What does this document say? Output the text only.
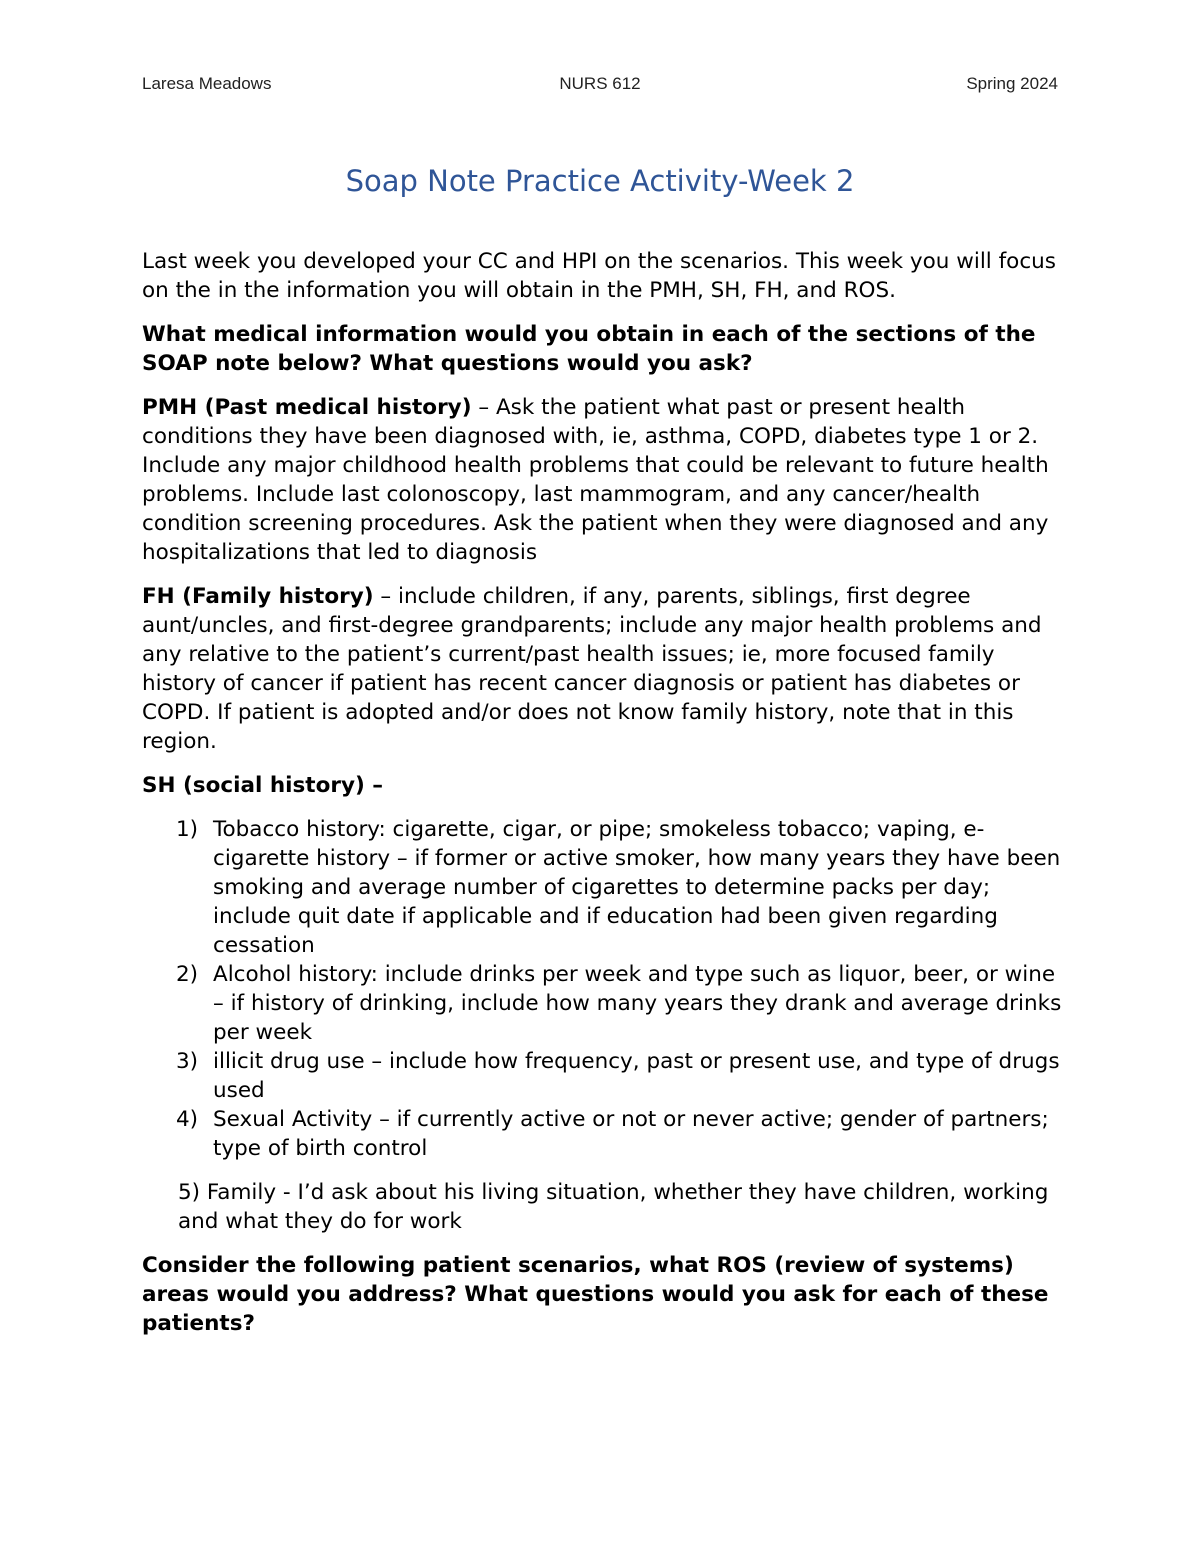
Laresa Meadows	NURS 612	Spring 2024
Soap Note Practice Activity-Week 2

Last week you developed your CC and HPI on the scenarios. This week you will focus on the in the information you will obtain in the PMH, SH, FH, and ROS.

What medical information would you obtain in each of the sections of the SOAP note below? What questions would you ask?

PMH (Past medical history) – Ask the patient what past or present health conditions they have been diagnosed with, ie, asthma, COPD, diabetes type 1 or 2. Include any major childhood health problems that could be relevant to future health problems. Include last colonoscopy, last mammogram, and any cancer/health condition screening procedures. Ask the patient when they were diagnosed and any hospitalizations that led to diagnosis

FH (Family history) – include children, if any, parents, siblings, first degree aunt/uncles, and first-degree grandparents; include any major health problems and any relative to the patient’s current/past health issues; ie, more focused family history of cancer if patient has recent cancer diagnosis or patient has diabetes or COPD. If patient is adopted and/or does not know family history, note that in this region.

SH (social history) –

1) Tobacco history: cigarette, cigar, or pipe; smokeless tobacco; vaping, e-cigarette history – if former or active smoker, how many years they have been smoking and average number of cigarettes to determine packs per day; include quit date if applicable and if education had been given regarding cessation
2) Alcohol history: include drinks per week and type such as liquor, beer, or wine – if history of drinking, include how many years they drank and average drinks per week
3) illicit drug use – include how frequency, past or present use, and type of drugs used
4) Sexual Activity – if currently active or not or never active; gender of partners; type of birth control

5) Family - I’d ask about his living situation, whether they have children, working and what they do for work

Consider the following patient scenarios, what ROS (review of systems) areas would you address? What questions would you ask for each of these patients?
